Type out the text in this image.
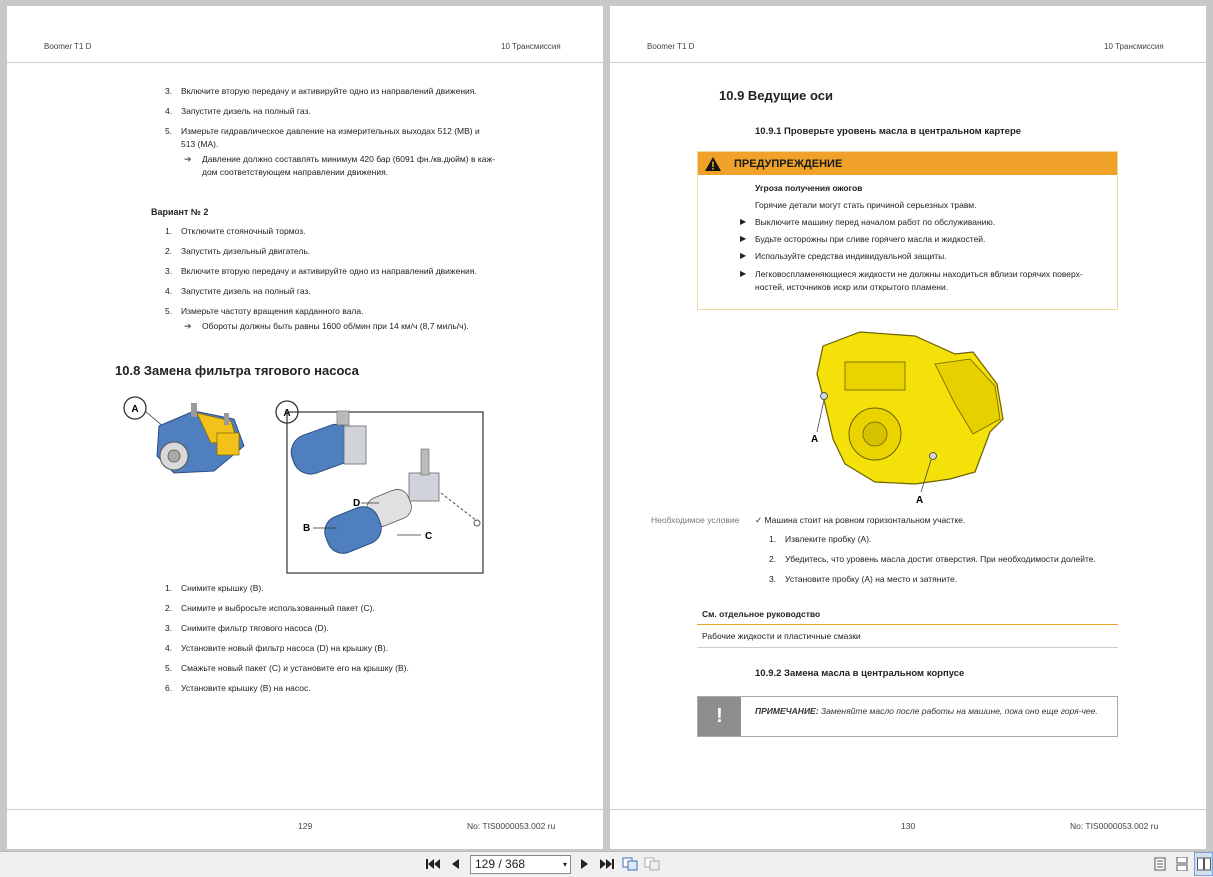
Boomer T1 D	10 Трансмиссия
3.	Включите вторую передачу и активируйте одно из направлений движения.
4.	Запустите дизель на полный газ.
5.	Измерьте гидравлическое давление на измерительных выходах 512 (MB) и
513 (MA).
➔ Давление должно составлять минимум 420 бар (6091 фн./кв.дюйм) в каж-
дом соответствующем направлении движения.
Вариант № 2
1.	Отключите стояночный тормоз.
2.	Запустить дизельный двигатель.
3.	Включите вторую передачу и активируйте одно из направлений движения.
4.	Запустите дизель на полный газ.
5.	Измерьте частоту вращения карданного вала.
➔ Обороты должны быть равны 1600 об/мин при 14 км/ч (8,7 миль/ч).
10.8 Замена фильтра тягового насоса
A	A
D
B
C
1.	Снимите крышку (B).
2.	Снимите и выбросьте использованный пакет (C).
3.	Снимите фильтр тягового насоса (D).
4.	Установите новый фильтр насоса (D) на крышку (B).
5.	Смажьте новый пакет (C) и установите его на крышку (B).
6.	Установите крышку (B) на насос.
129	No: TIS0000053.002 ru
Boomer T1 D	10 Трансмиссия
10.9 Ведущие оси
10.9.1 Проверьте уровень масла в центральном картере
ПРЕДУПРЕЖДЕНИЕ
Угроза получения ожогов
Горячие детали могут стать причиной серьезных травм.
▶ Выключите машину перед началом работ по обслуживанию.
▶ Будьте осторожны при сливе горячего масла и жидкостей.
▶ Используйте средства индивидуальной защиты.
▶ Легковоспламеняющиеся жидкости не должны находиться вблизи горячих поверх-
ностей, источников искр или открытого пламени.
A
A
Необходимое условие	✓ Машина стоит на ровном горизонтальном участке.
1.	Извлеките пробку (A).
2.	Убедитесь, что уровень масла достиг отверстия. При необходимости долейте.
3.	Установите пробку (A) на место и затяните.
См. отдельное руководство
Рабочие жидкости и пластичные смазки
10.9.2 Замена масла в центральном корпусе
!	ПРИМЕЧАНИЕ: Заменяйте масло после работы на машине, пока оно еще горя-чее.
130	No: TIS0000053.002 ru
129 / 368	▾
